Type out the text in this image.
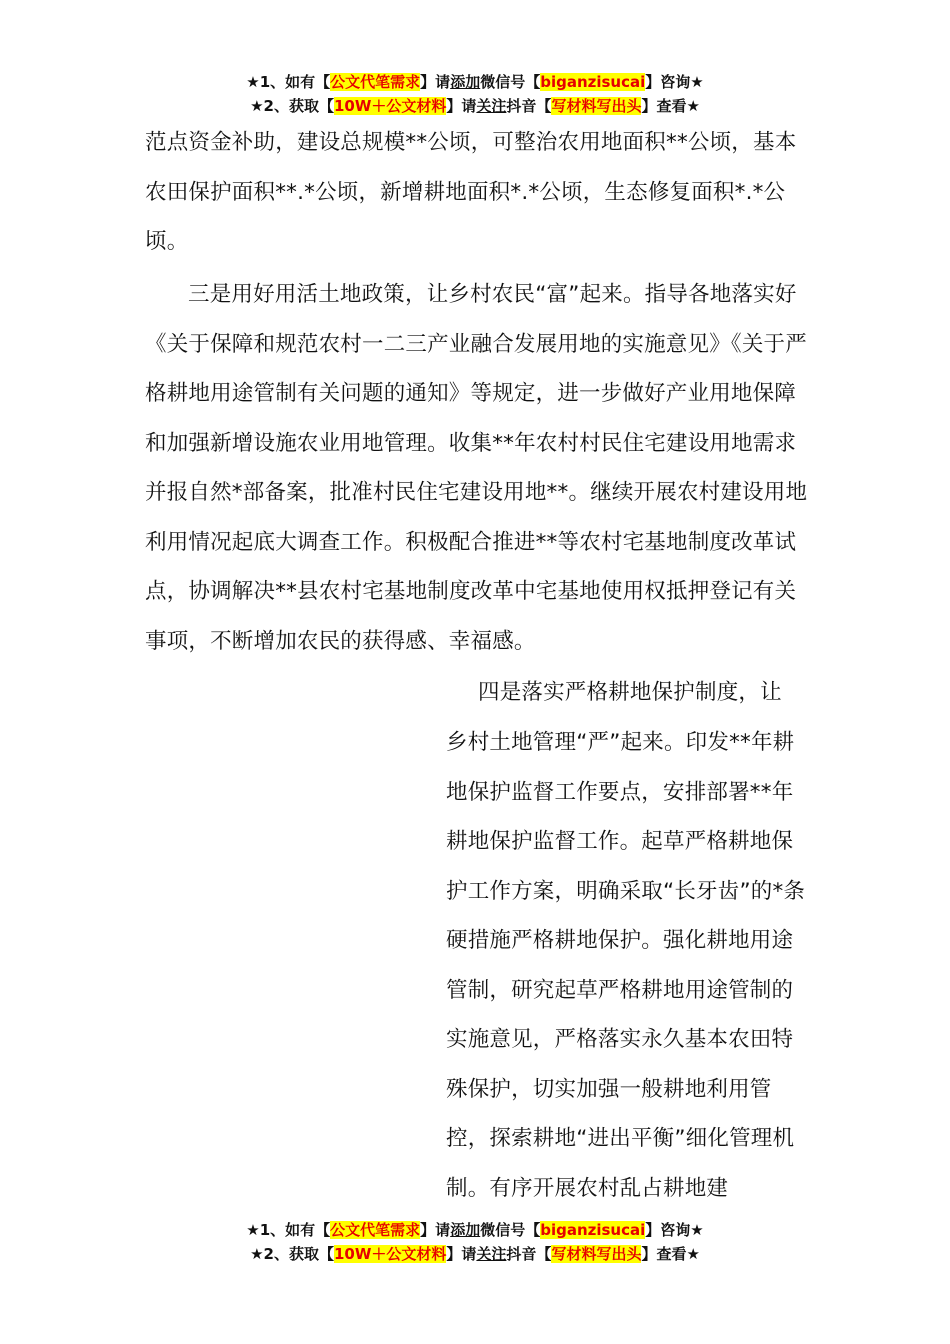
★1、如有【公文代笔需求】请添加微信号【biganzisucai】咨询★
★2、获取【10W＋公文材料】请关注抖音【写材料写出头】查看★

范点资金补助，建设总规模**公顷，可整治农用地面积**公顷，基本农田保护面积**.*公顷，新增耕地面积*.*公顷，生态修复面积*.*公顷。

三是用好用活土地政策，让乡村农民“富”起来。指导各地落实好《关于保障和规范农村一二三产业融合发展用地的实施意见》《关于严格耕地用途管制有关问题的通知》等规定，进一步做好产业用地保障和加强新增设施农业用地管理。收集**年农村村民住宅建设用地需求并报自然*部备案，批准村民住宅建设用地**。继续开展农村建设用地利用情况起底大调查工作。积极配合推进**等农村宅基地制度改革试点，协调解决**县农村宅基地制度改革中宅基地使用权抵押登记有关事项，不断增加农民的获得感、幸福感。

四是落实严格耕地保护制度，让

乡村土地管理“严”起来。印发**年耕地保护监督工作要点，安排部署**年耕地保护监督工作。起草严格耕地保护工作方案，明确采取“长牙齿”的*条硬措施严格耕地保护。强化耕地用途管制，研究起草严格耕地用途管制的实施意见，严格落实永久基本农田特殊保护，切实加强一般耕地利用管控，探索耕地“进出平衡”细化管理机制。有序开展农村乱占耕地建

★1、如有【公文代笔需求】请添加微信号【biganzisucai】咨询★
★2、获取【10W＋公文材料】请关注抖音【写材料写出头】查看★
